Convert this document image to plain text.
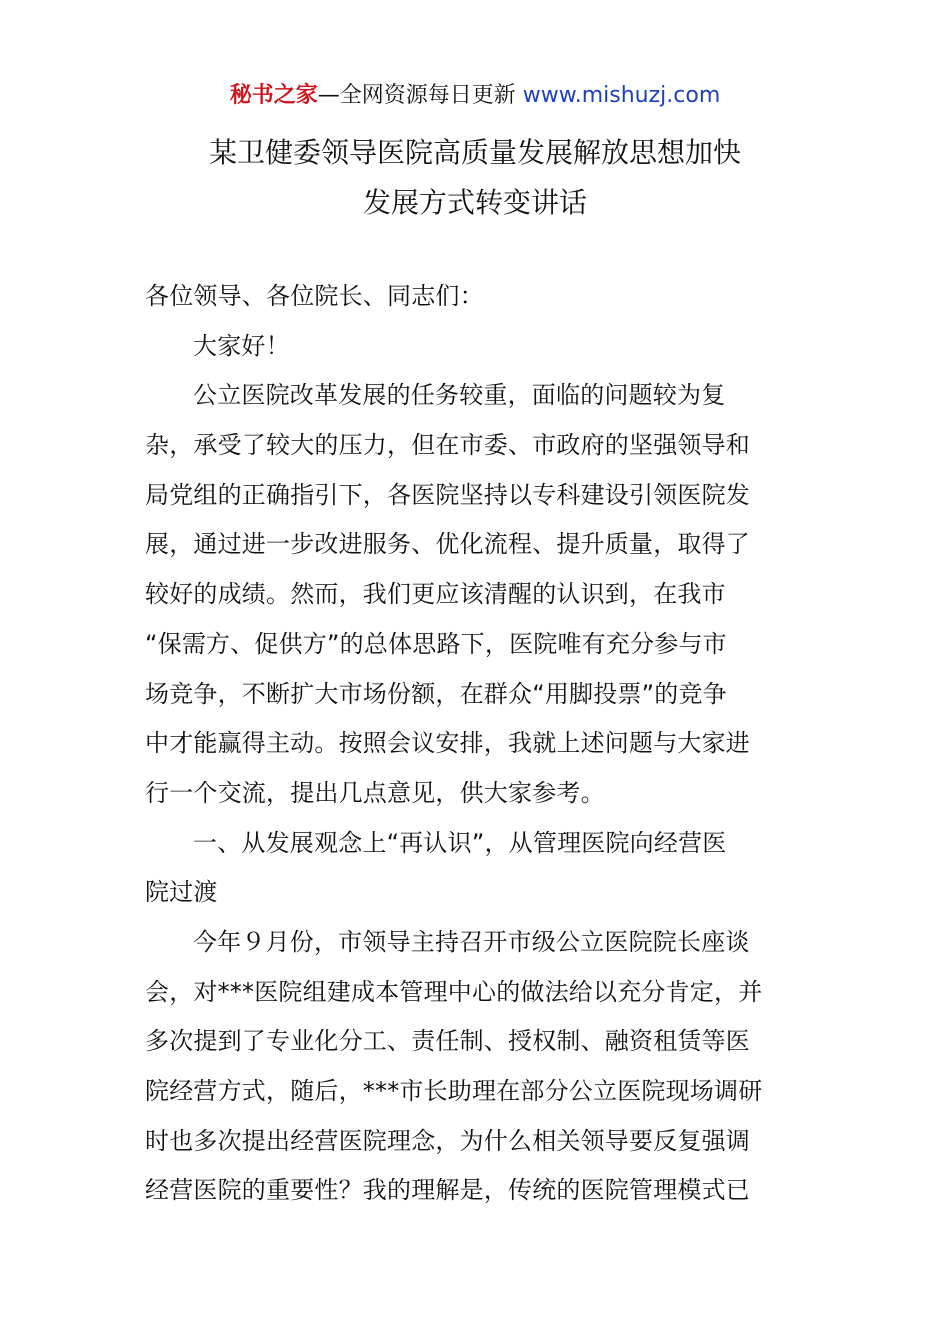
秘书之家—全网资源每日更新 www.mishuzj.com
某卫健委领导医院高质量发展解放思想加快
发展方式转变讲话
各位领导、各位院长、同志们：
大家好！
公立医院改革发展的任务较重，面临的问题较为复
杂，承受了较大的压力，但在市委、市政府的坚强领导和
局党组的正确指引下，各医院坚持以专科建设引领医院发
展，通过进一步改进服务、优化流程、提升质量，取得了
较好的成绩。然而，我们更应该清醒的认识到，在我市
“保需方、促供方”的总体思路下，医院唯有充分参与市
场竞争，不断扩大市场份额，在群众“用脚投票”的竞争
中才能赢得主动。按照会议安排，我就上述问题与大家进
行一个交流，提出几点意见，供大家参考。
一、从发展观念上“再认识”，从管理医院向经营医
院过渡
今年９月份，市领导主持召开市级公立医院院长座谈
会，对***医院组建成本管理中心的做法给以充分肯定，并
多次提到了专业化分工、责任制、授权制、融资租赁等医
院经营方式，随后，***市长助理在部分公立医院现场调研
时也多次提出经营医院理念，为什么相关领导要反复强调
经营医院的重要性？我的理解是，传统的医院管理模式已
